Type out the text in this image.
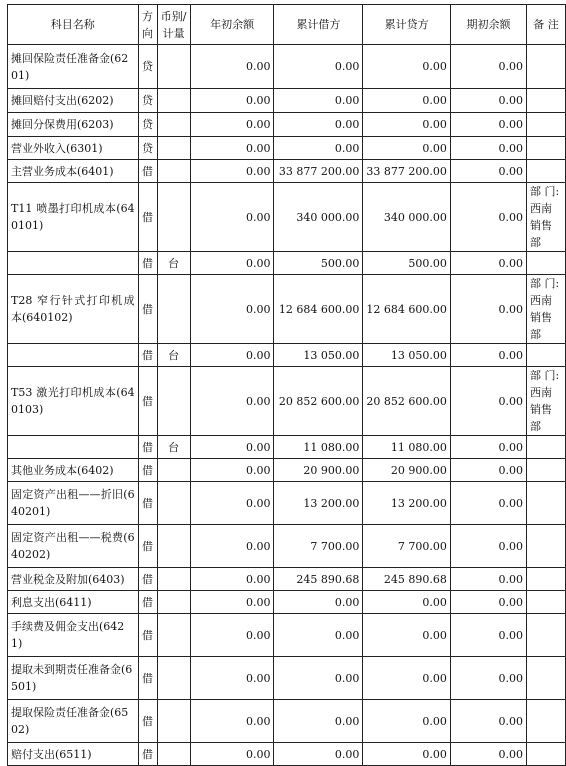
科目名称	方向	币别/计量	年初余额	累计借方	累计贷方	期初余额	备 注
摊回保险责任准备金(6201)	贷		0.00	0.00	0.00	0.00	
摊回赔付支出(6202)	贷		0.00	0.00	0.00	0.00	
摊回分保费用(6203)	贷		0.00	0.00	0.00	0.00	
营业外收入(6301)	贷		0.00	0.00	0.00	0.00	
主营业务成本(6401)	借		0.00	33 877 200.00	33 877 200.00	0.00	
T11 喷墨打印机成本(640101)	借		0.00	340 000.00	340 000.00	0.00	部 门:西南销售部
	借	台	0.00	500.00	500.00	0.00	
T28 窄行针式打印机成本(640102)	借		0.00	12 684 600.00	12 684 600.00	0.00	部 门:西南销售部
	借	台	0.00	13 050.00	13 050.00	0.00	
T53 激光打印机成本(640103)	借		0.00	20 852 600.00	20 852 600.00	0.00	部 门:西南销售部
	借	台	0.00	11 080.00	11 080.00	0.00	
其他业务成本(6402)	借		0.00	20 900.00	20 900.00	0.00	
固定资产出租——折旧(640201)	借		0.00	13 200.00	13 200.00	0.00	
固定资产出租——税费(640202)	借		0.00	7 700.00	7 700.00	0.00	
营业税金及附加(6403)	借		0.00	245 890.68	245 890.68	0.00	
利息支出(6411)	借		0.00	0.00	0.00	0.00	
手续费及佣金支出(6421)	借		0.00	0.00	0.00	0.00	
提取未到期责任准备金(6501)	借		0.00	0.00	0.00	0.00	
提取保险责任准备金(6502)	借		0.00	0.00	0.00	0.00	
赔付支出(6511)	借		0.00	0.00	0.00	0.00	
